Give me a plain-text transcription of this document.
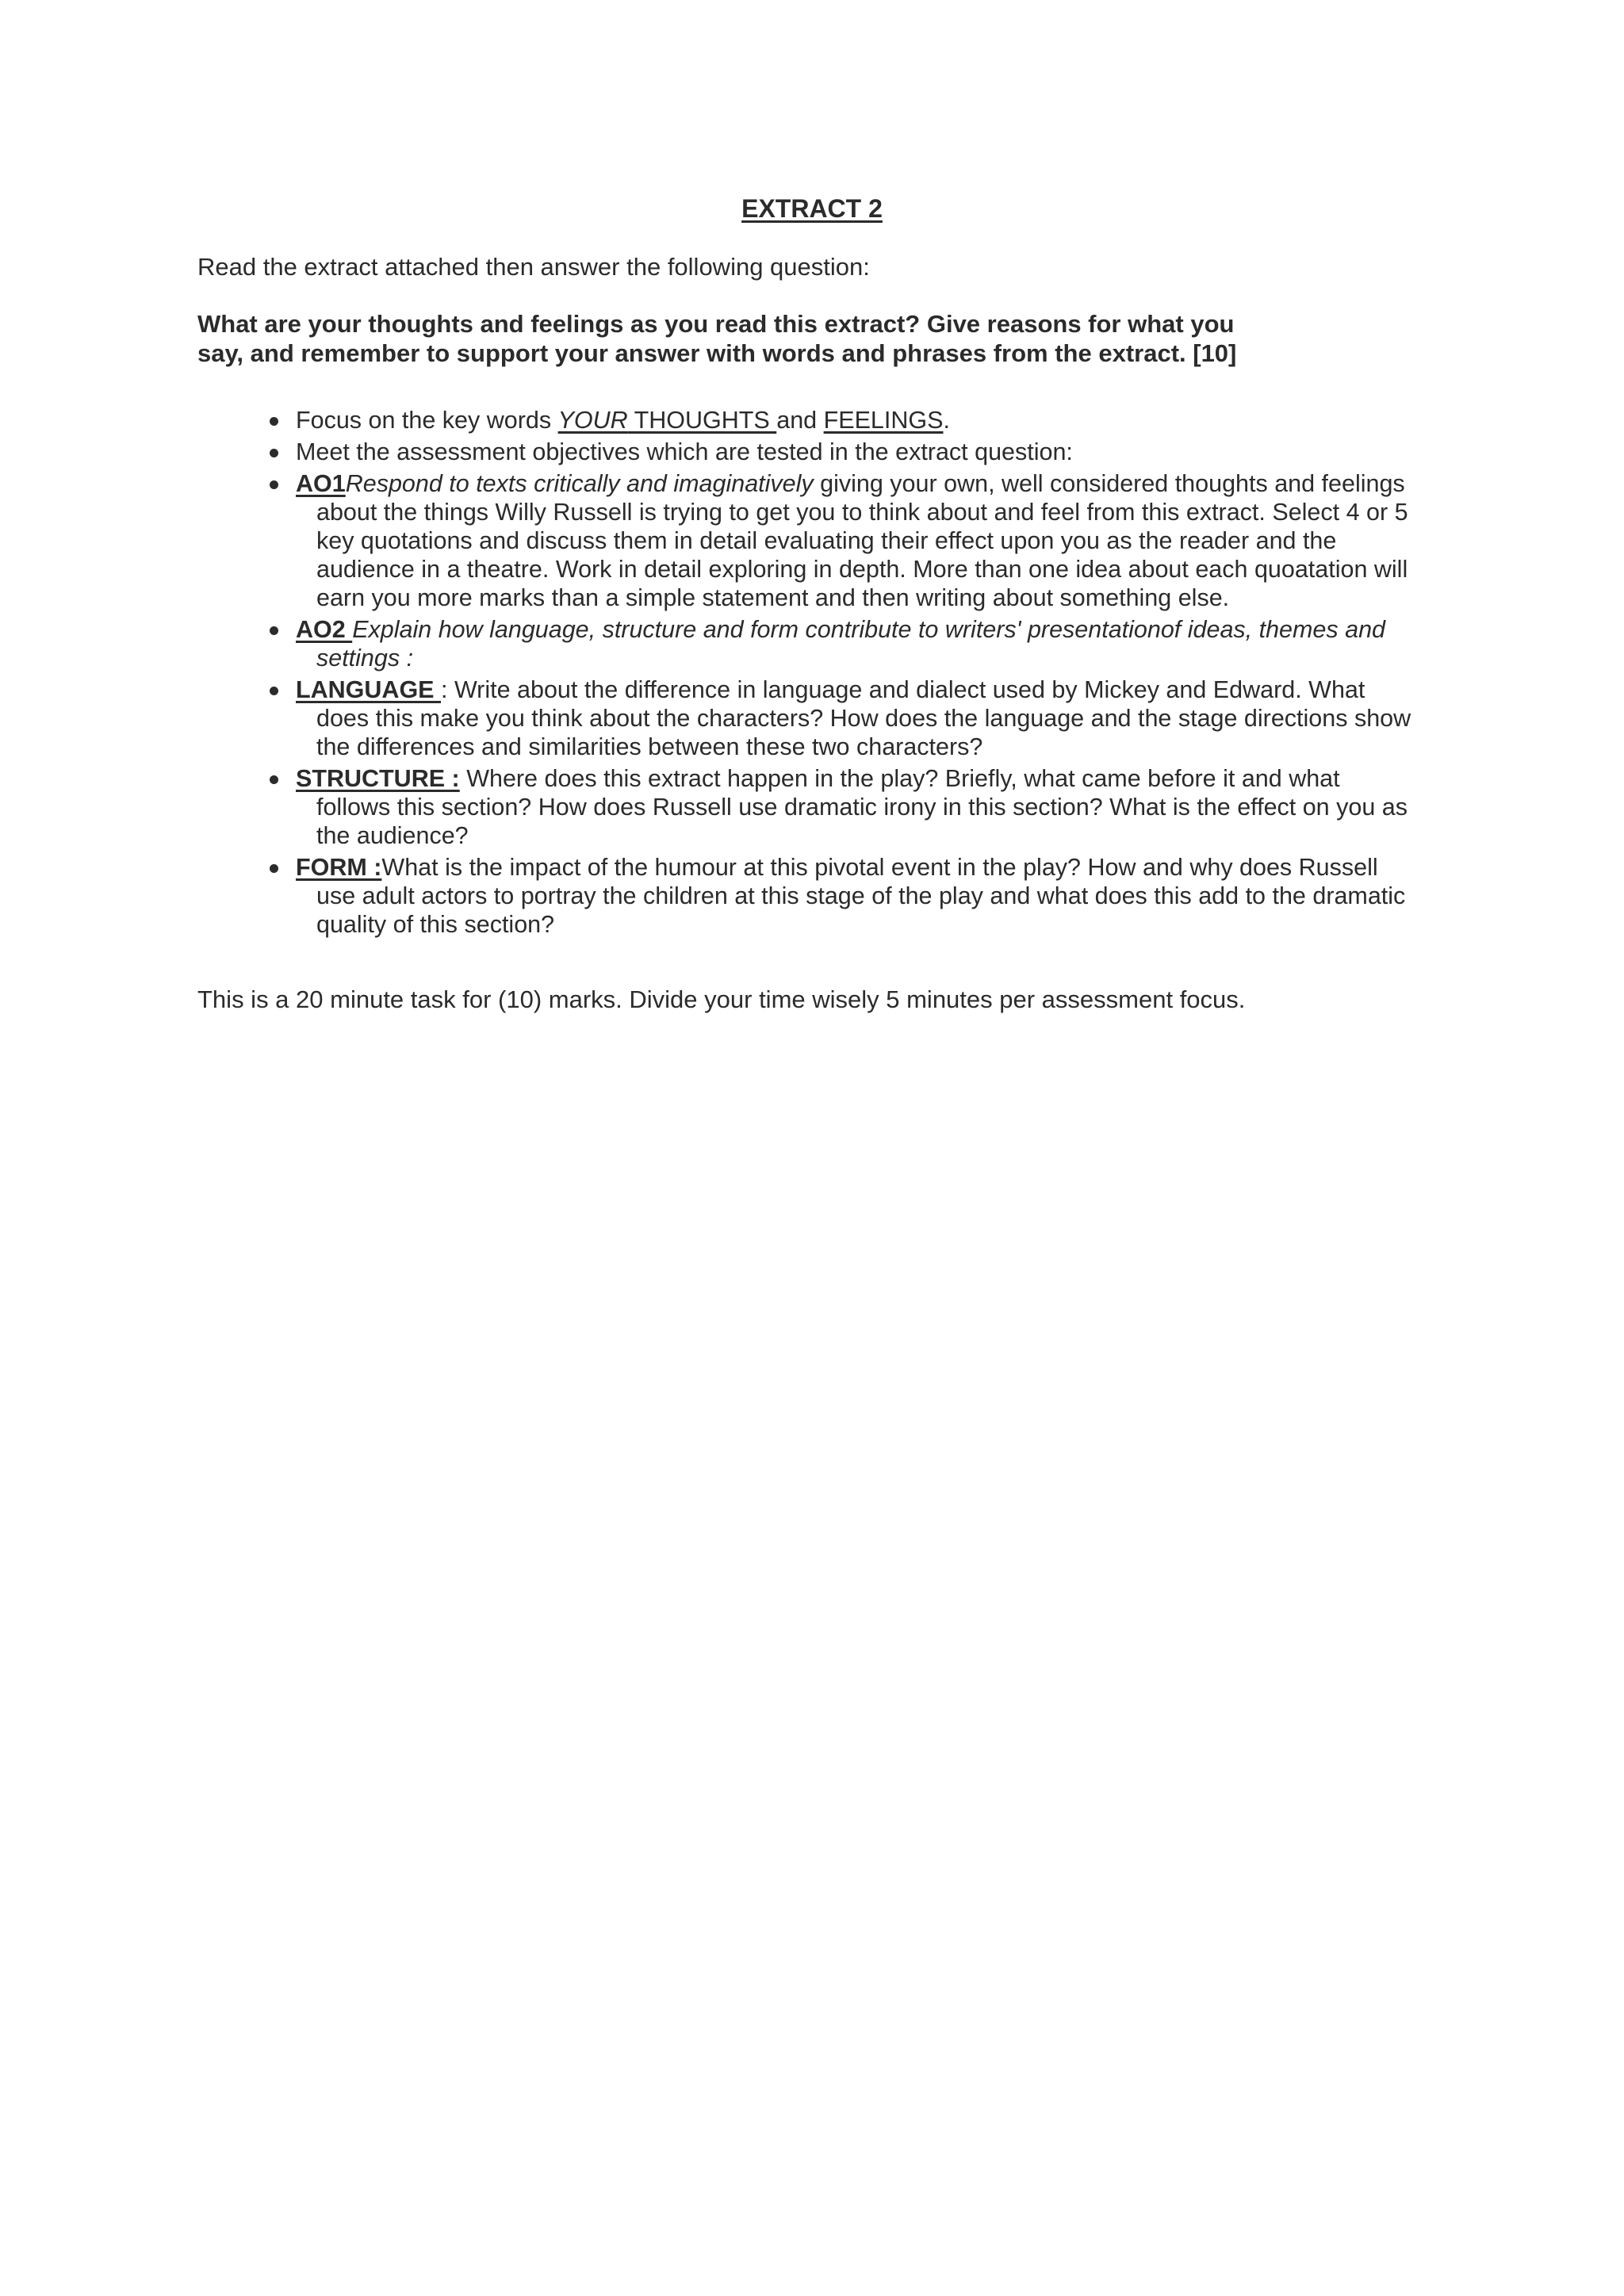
EXTRACT 2

Read the extract attached then answer the following question:

What are your thoughts and feelings as you read this extract? Give reasons for what you
say, and remember to support your answer with words and phrases from the extract. [10]

Focus on the key words YOUR THOUGHTS and FEELINGS.
Meet the assessment objectives which are tested in the extract question:
AO1Respond to texts critically and imaginatively giving your own, well considered thoughts and feelings
about the things Willy Russell is trying to get you to think about and feel from this extract. Select 4 or 5
key quotations and discuss them in detail evaluating their effect upon you as the reader and the
audience in a theatre. Work in detail exploring in depth. More than one idea about each quoatation will
earn you more marks than a simple statement and then writing about something else.
AO2 Explain how language, structure and form contribute to writers' presentationof ideas, themes and
settings :
LANGUAGE : Write about the difference in language and dialect used by Mickey and Edward. What
does this make you think about the characters? How does the language and the stage directions show
the differences and similarities between these two characters?
STRUCTURE : Where does this extract happen in the play? Briefly, what came before it and what
follows this section? How does Russell use dramatic irony in this section? What is the effect on you as
the audience?
FORM :What is the impact of the humour at this pivotal event in the play? How and why does Russell
use adult actors to portray the children at this stage of the play and what does this add to the dramatic
quality of this section?

This is a 20 minute task for (10) marks. Divide your time wisely 5 minutes per assessment focus.
